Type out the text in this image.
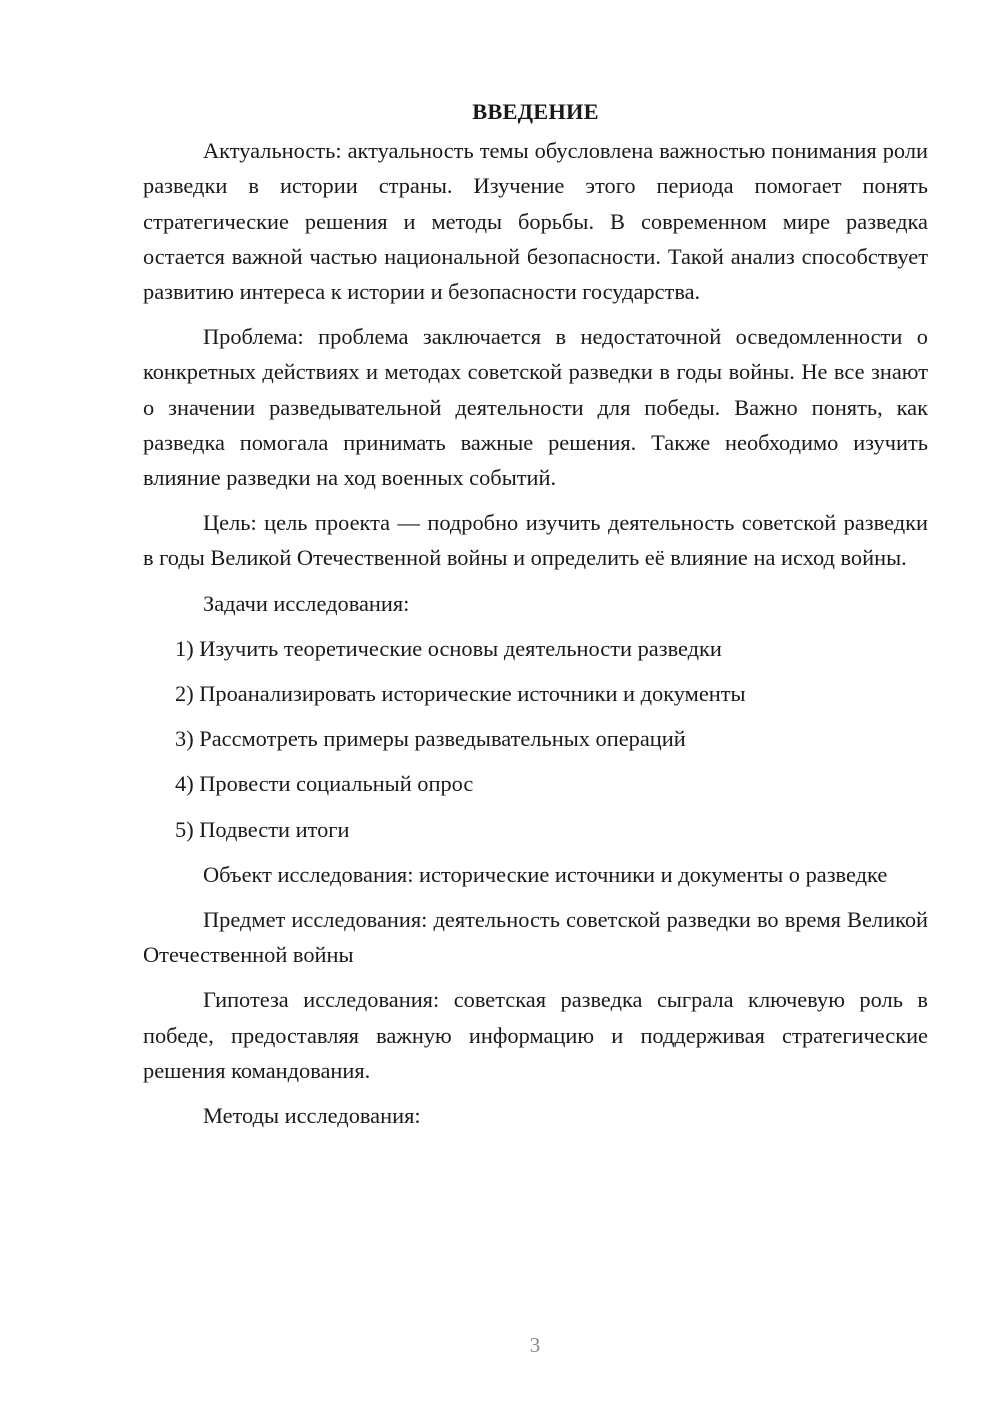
ВВЕДЕНИЕ

Актуальность: актуальность темы обусловлена важностью понимания роли разведки в истории страны. Изучение этого периода помогает понять стратегические решения и методы борьбы. В современном мире разведка остается важной частью национальной безопасности. Такой анализ способствует развитию интереса к истории и безопасности государства.

Проблема: проблема заключается в недостаточной осведомленности о конкретных действиях и методах советской разведки в годы войны. Не все знают о значении разведывательной деятельности для победы. Важно понять, как разведка помогала принимать важные решения. Также необходимо изучить влияние разведки на ход военных событий.

Цель: цель проекта — подробно изучить деятельность советской разведки в годы Великой Отечественной войны и определить её влияние на исход войны.

Задачи исследования:

1) Изучить теоретические основы деятельности разведки
2) Проанализировать исторические источники и документы
3) Рассмотреть примеры разведывательных операций
4) Провести социальный опрос
5) Подвести итоги

Объект исследования: исторические источники и документы о разведке

Предмет исследования: деятельность советской разведки во время Великой Отечественной войны

Гипотеза исследования: советская разведка сыграла ключевую роль в победе, предоставляя важную информацию и поддерживая стратегические решения командования.

Методы исследования:

3
